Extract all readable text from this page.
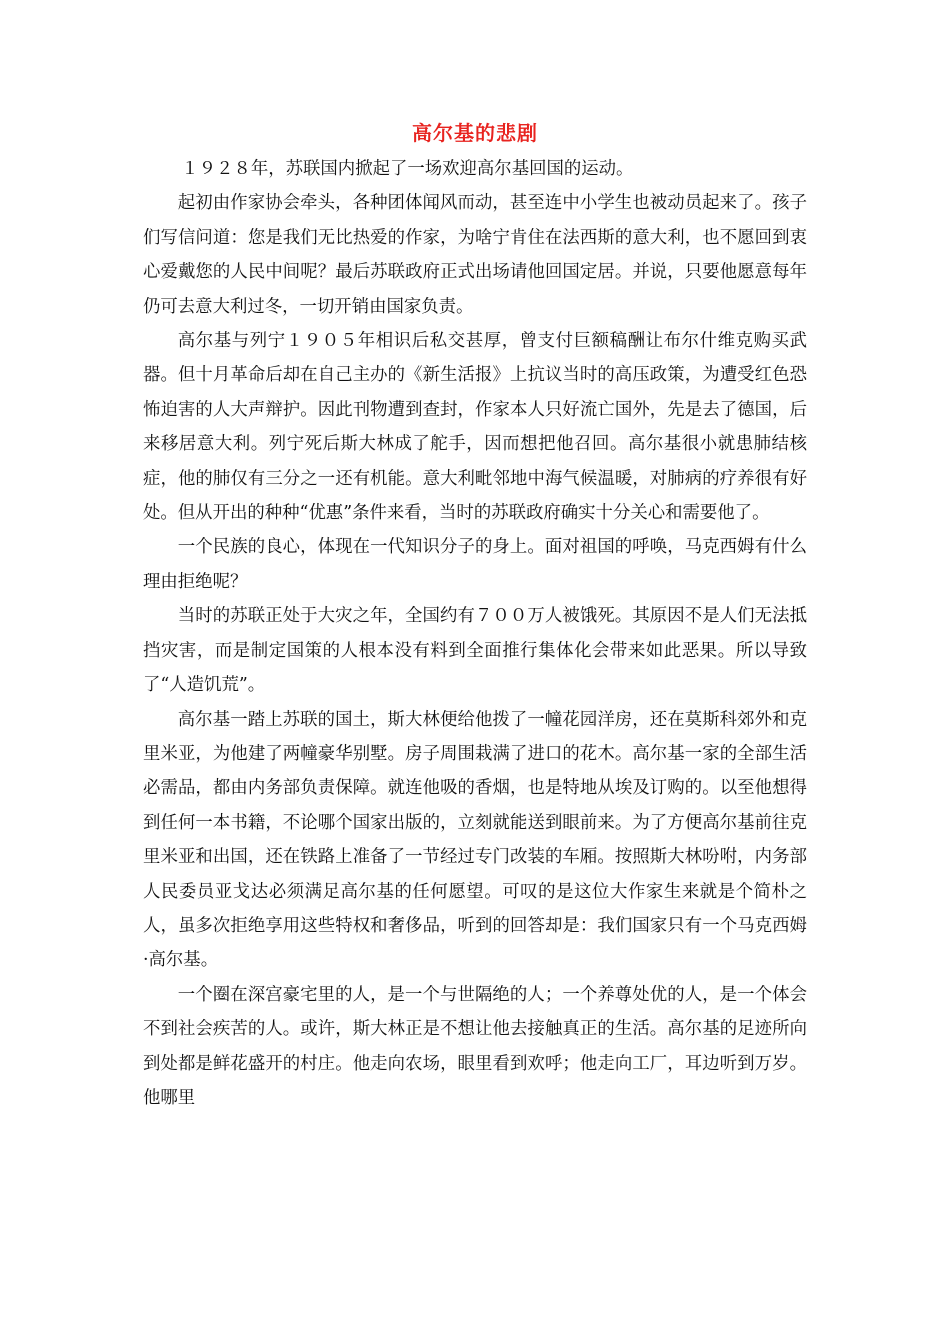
高尔基的悲剧

１９２８年，苏联国内掀起了一场欢迎高尔基回国的运动。

起初由作家协会牵头，各种团体闻风而动，甚至连中小学生也被动员起来了。孩子们写信问道：您是我们无比热爱的作家，为啥宁肯住在法西斯的意大利，也不愿回到衷心爱戴您的人民中间呢？最后苏联政府正式出场请他回国定居。并说，只要他愿意每年仍可去意大利过冬，一切开销由国家负责。

高尔基与列宁１９０５年相识后私交甚厚，曾支付巨额稿酬让布尔什维克购买武器。但十月革命后却在自己主办的《新生活报》上抗议当时的高压政策，为遭受红色恐怖迫害的人大声辩护。因此刊物遭到查封，作家本人只好流亡国外，先是去了德国，后来移居意大利。列宁死后斯大林成了舵手，因而想把他召回。高尔基很小就患肺结核症，他的肺仅有三分之一还有机能。意大利毗邻地中海气候温暖，对肺病的疗养很有好处。但从开出的种种“优惠”条件来看，当时的苏联政府确实十分关心和需要他了。

一个民族的良心，体现在一代知识分子的身上。面对祖国的呼唤，马克西姆有什么理由拒绝呢？

当时的苏联正处于大灾之年，全国约有７００万人被饿死。其原因不是人们无法抵挡灾害，而是制定国策的人根本没有料到全面推行集体化会带来如此恶果。所以导致了“人造饥荒”。

高尔基一踏上苏联的国土，斯大林便给他拨了一幢花园洋房，还在莫斯科郊外和克里米亚，为他建了两幢豪华别墅。房子周围栽满了进口的花木。高尔基一家的全部生活必需品，都由内务部负责保障。就连他吸的香烟，也是特地从埃及订购的。以至他想得到任何一本书籍，不论哪个国家出版的，立刻就能送到眼前来。为了方便高尔基前往克里米亚和出国，还在铁路上准备了一节经过专门改装的车厢。按照斯大林吩咐，内务部人民委员亚戈达必须满足高尔基的任何愿望。可叹的是这位大作家生来就是个简朴之人，虽多次拒绝享用这些特权和奢侈品，听到的回答却是：我们国家只有一个马克西姆·高尔基。

一个圈在深宫豪宅里的人，是一个与世隔绝的人；一个养尊处优的人，是一个体会不到社会疾苦的人。或许，斯大林正是不想让他去接触真正的生活。高尔基的足迹所向到处都是鲜花盛开的村庄。他走向农场，眼里看到欢呼；他走向工厂，耳边听到万岁。他哪里
